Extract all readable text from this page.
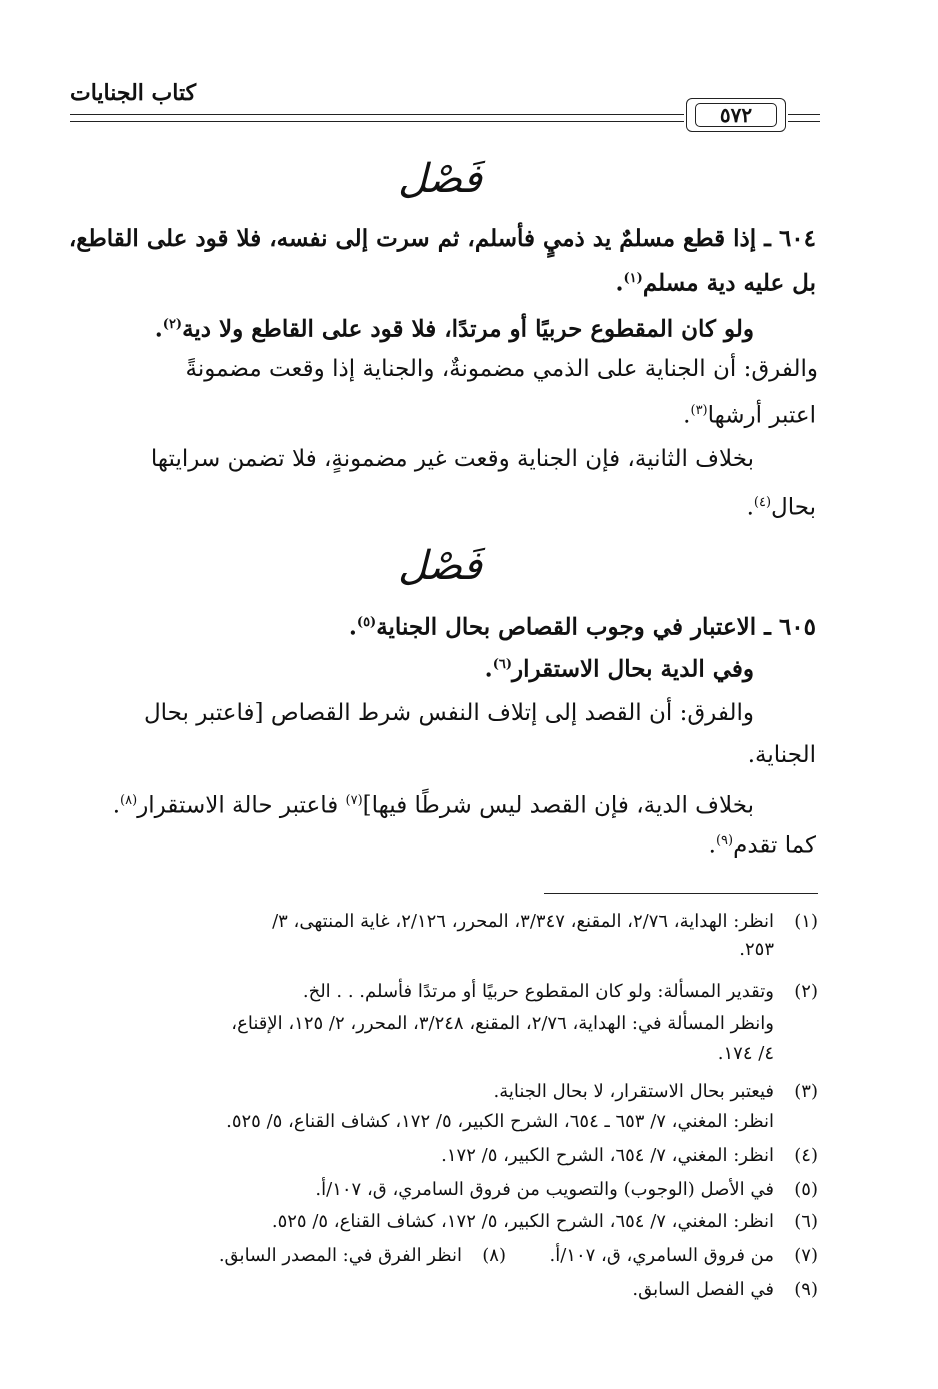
كتاب الجنايات
٥٧٢
فَصْل
٦٠٤ ـ إذا قطع مسلمٌ يد ذميٍ فأسلم، ثم سرت إلى نفسه، فلا قود على القاطع،
بل عليه دية مسلم$^{(١)}$.
ولو كان المقطوع حربيًا أو مرتدًا، فلا قود على القاطع ولا دية$^{(٢)}$.
والفرق: أن الجناية على الذمي مضمونةٌ، والجناية إذا وقعت مضمونةً
اعتبر أرشها$^{(٣)}$.
بخلاف الثانية، فإن الجناية وقعت غير مضمونةٍ، فلا تضمن سرايتها
بحال$^{(٤)}$.
فَصْل
٦٠٥ ـ الاعتبار في وجوب القصاص بحال الجناية$^{(٥)}$.
وفي الدية بحال الاستقرار$^{(٦)}$.
والفرق: أن القصد إلى إتلاف النفس شرط القصاص [فاعتبر بحال
الجناية.
بخلاف الدية، فإن القصد ليس شرطًا فيها]$^{(٧)}$ فاعتبر حالة الاستقرار$^{(٨)}$.
كما تقدم$^{(٩)}$.
(١)انظر: الهداية، ٢/٧٦، المقنع، ٣/٣٤٧، المحرر، ٢/١٢٦، غاية المنتهى، ٣/
٢٥٣.
(٢)وتقدير المسألة: ولو كان المقطوع حربيًا أو مرتدًا فأسلم. . . الخ.
وانظر المسألة في: الهداية، ٢/٧٦، المقنع، ٣/٢٤٨، المحرر، ٢/ ١٢٥، الإقناع،
٤/ ١٧٤.
(٣)فيعتبر بحال الاستقرار، لا بحال الجناية.
انظر: المغني، ٧/ ٦٥٣ ـ ٦٥٤، الشرح الكبير، ٥/ ١٧٢، كشاف القناع، ٥/ ٥٢٥.
(٤)انظر: المغني، ٧/ ٦٥٤، الشرح الكبير، ٥/ ١٧٢.
(٥)في الأصل (الوجوب) والتصويب من فروق السامري، ق، ١٠٧/أ.
(٦)انظر: المغني، ٧/ ٦٥٤، الشرح الكبير، ٥/ ١٧٢، كشاف القناع، ٥/ ٥٢٥.
(٧)من فروق السامري، ق، ١٠٧/أ.
(٨)انظر الفرق في: المصدر السابق.
(٩)في الفصل السابق.
